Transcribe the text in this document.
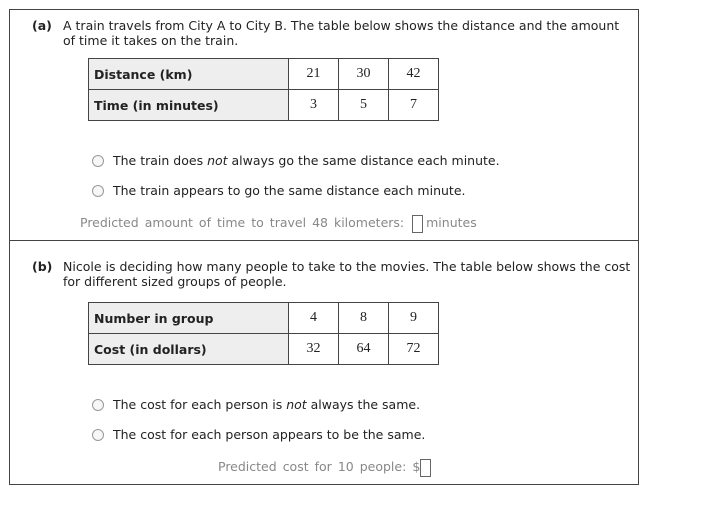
(a) A train travels from City A to City B. The table below shows the distance and the amount of time it takes on the train.
Distance (km)	21	30	42
Time (in minutes)	3	5	7
The train does not always go the same distance each minute.
The train appears to go the same distance each minute.
Predicted amount of time to travel 48 kilometers: minutes
(b) Nicole is deciding how many people to take to the movies. The table below shows the cost for different sized groups of people.
Number in group	4	8	9
Cost (in dollars)	32	64	72
The cost for each person is not always the same.
The cost for each person appears to be the same.
Predicted cost for 10 people: $
